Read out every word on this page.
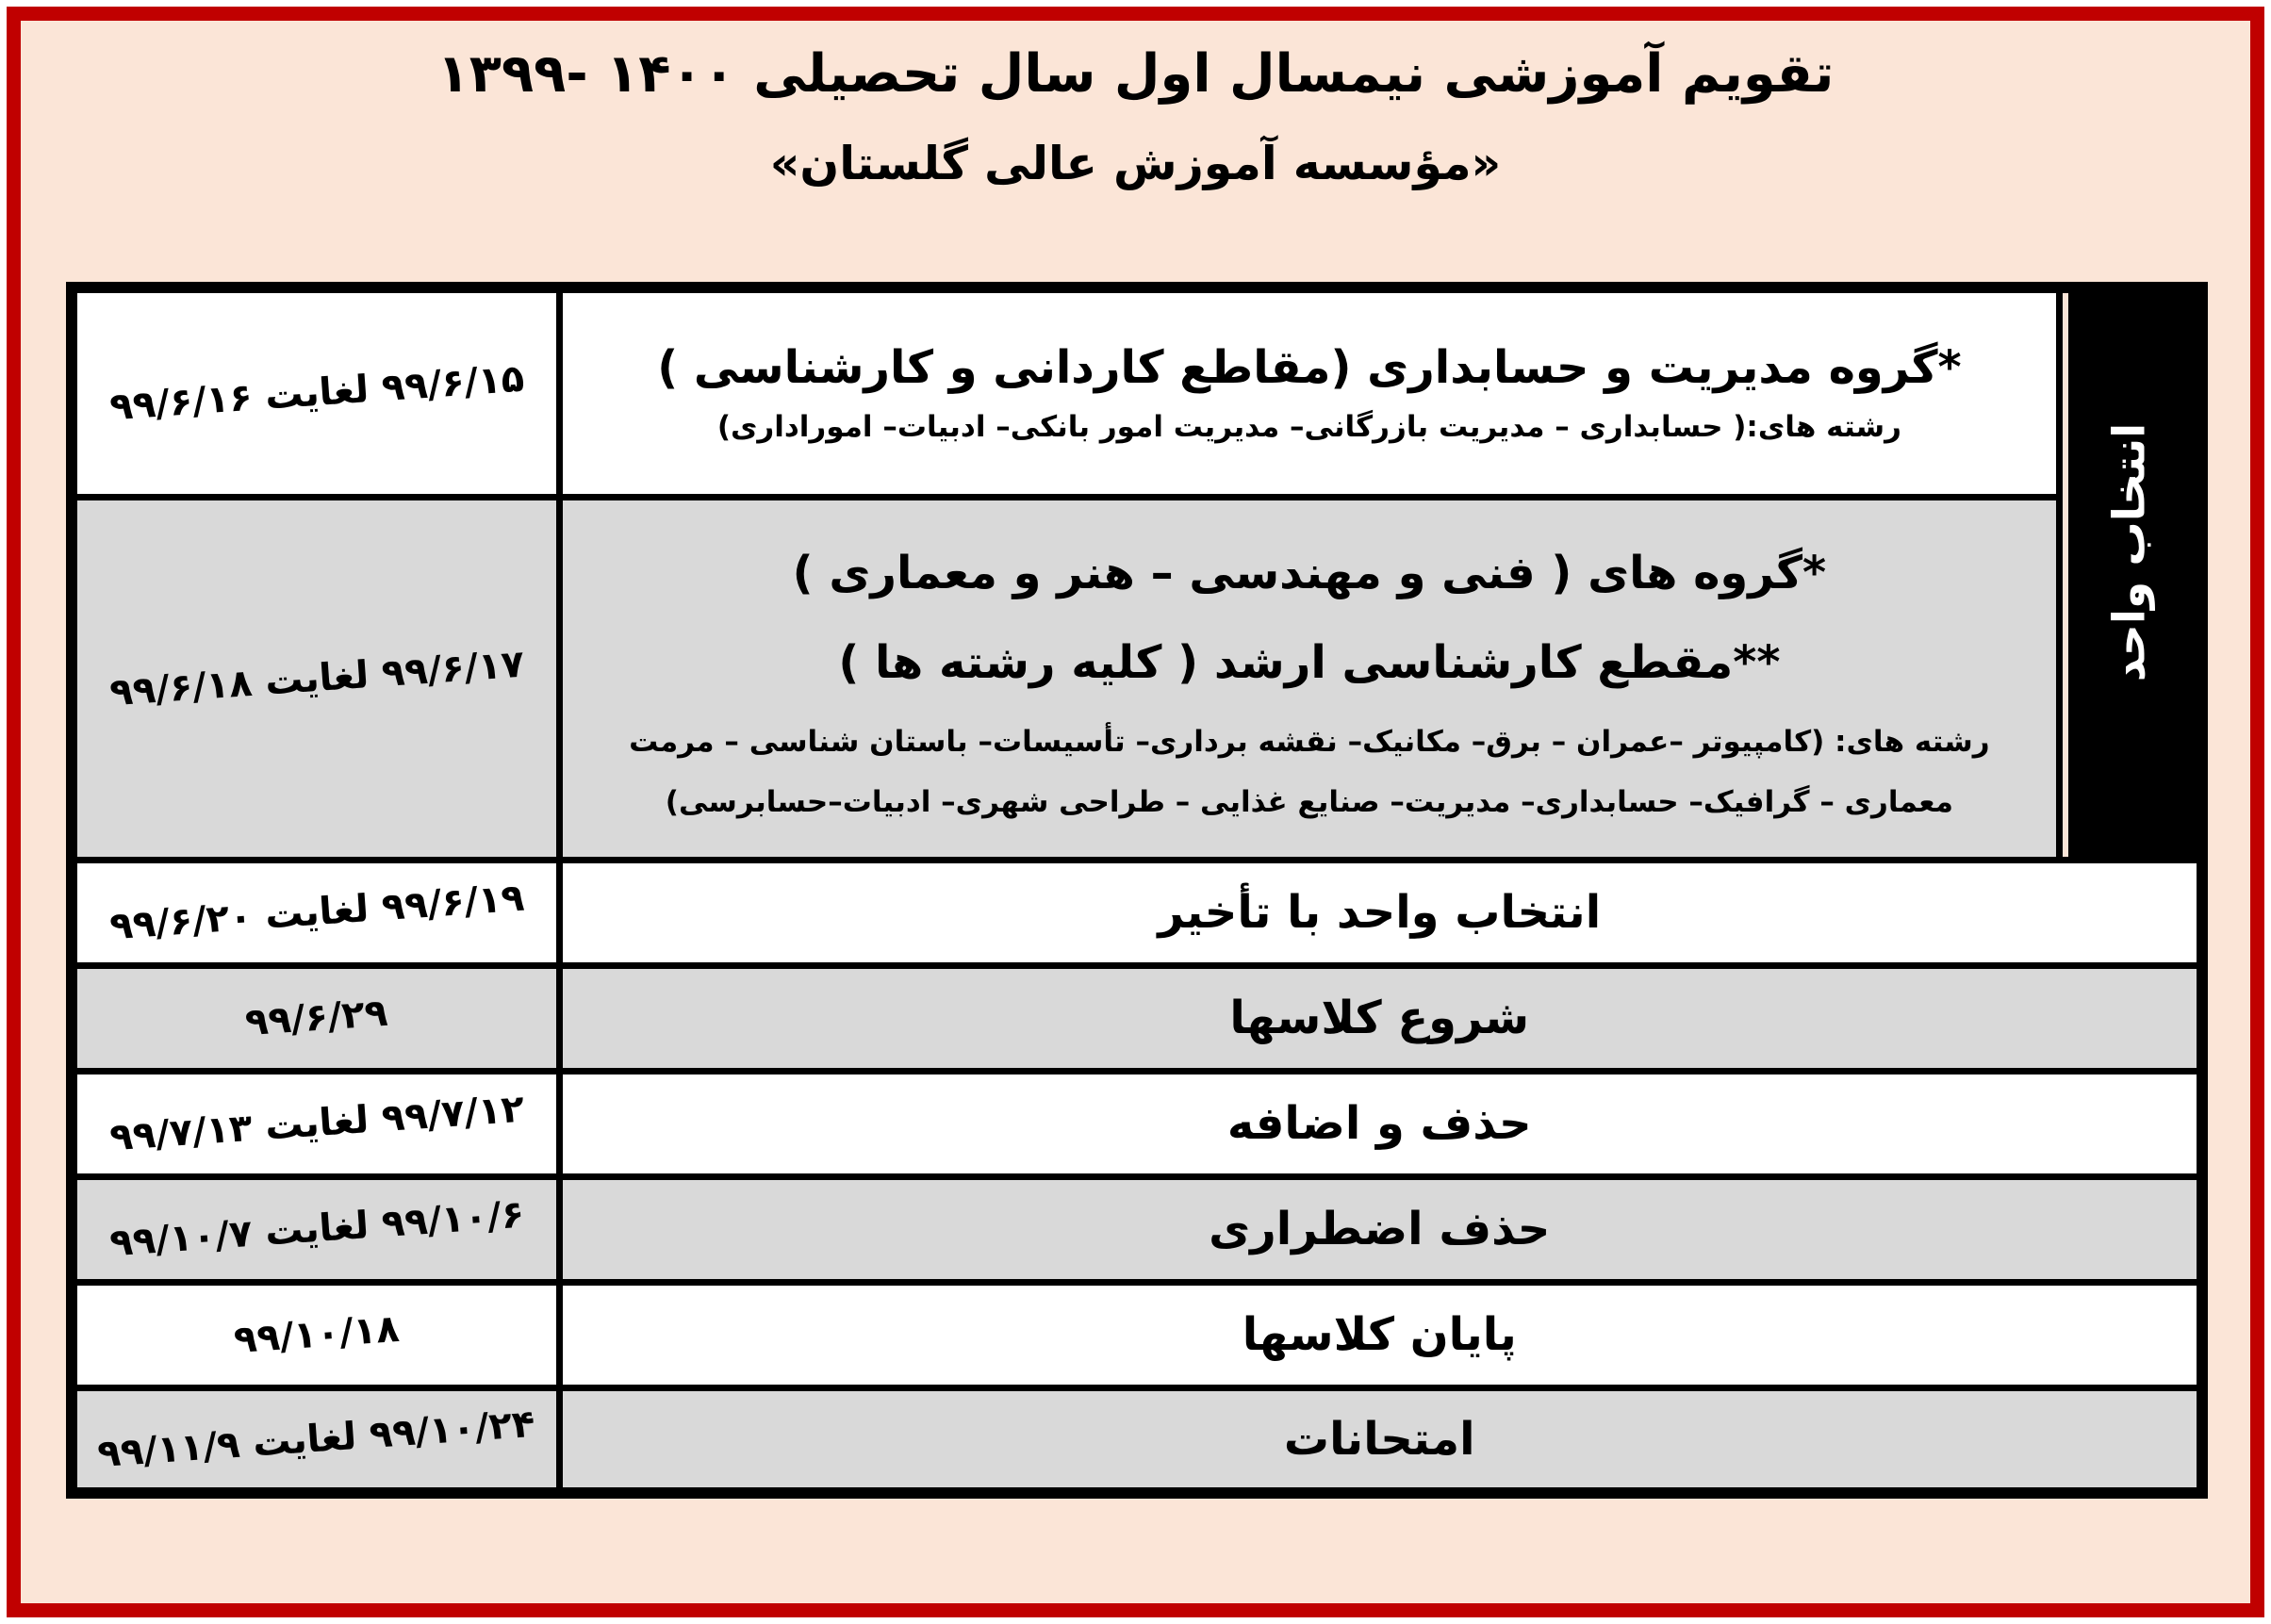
تقویم آموزشی نیمسال اول سال تحصیلی ۱۴۰۰ -۱۳۹۹
«مؤسسه آموزش عالی گلستان»
انتخاب واحد	*گروه مدیریت و حسابداری (مقاطع کاردانی و کارشناسی )
رشته های:( حسابداری – مدیریت بازرگانی– مدیریت امور بانکی– ادبیات– اموراداری)	۹۹/۶/۱۵ لغایت ۹۹/۶/۱۶

	*گروه های ( فنی و مهندسی – هنر و معماری )
**مقطع کارشناسی ارشد ( کلیه رشته ها )
رشته های: (کامپیوتر –عمران – برق– مکانیک– نقشه برداری– تأسیسات– باستان شناسی – مرمت
معماری – گرافیک– حسابداری– مدیریت– صنایع غذایی – طراحی شهری– ادبیات–حسابرسی)	۹۹/۶/۱۷ لغایت ۹۹/۶/۱۸
انتخاب واحد با تأخیر		۹۹/۶/۱۹ لغایت ۹۹/۶/۲۰
شروع کلاسها		۹۹/۶/۲۹
حذف و اضافه		۹۹/۷/۱۲ لغایت ۹۹/۷/۱۳
حذف اضطراری		۹۹/۱۰/۶ لغایت ۹۹/۱۰/۷
پایان کلاسها		۹۹/۱۰/۱۸
امتحانات		۹۹/۱۰/۲۴ لغایت ۹۹/۱۱/۹
